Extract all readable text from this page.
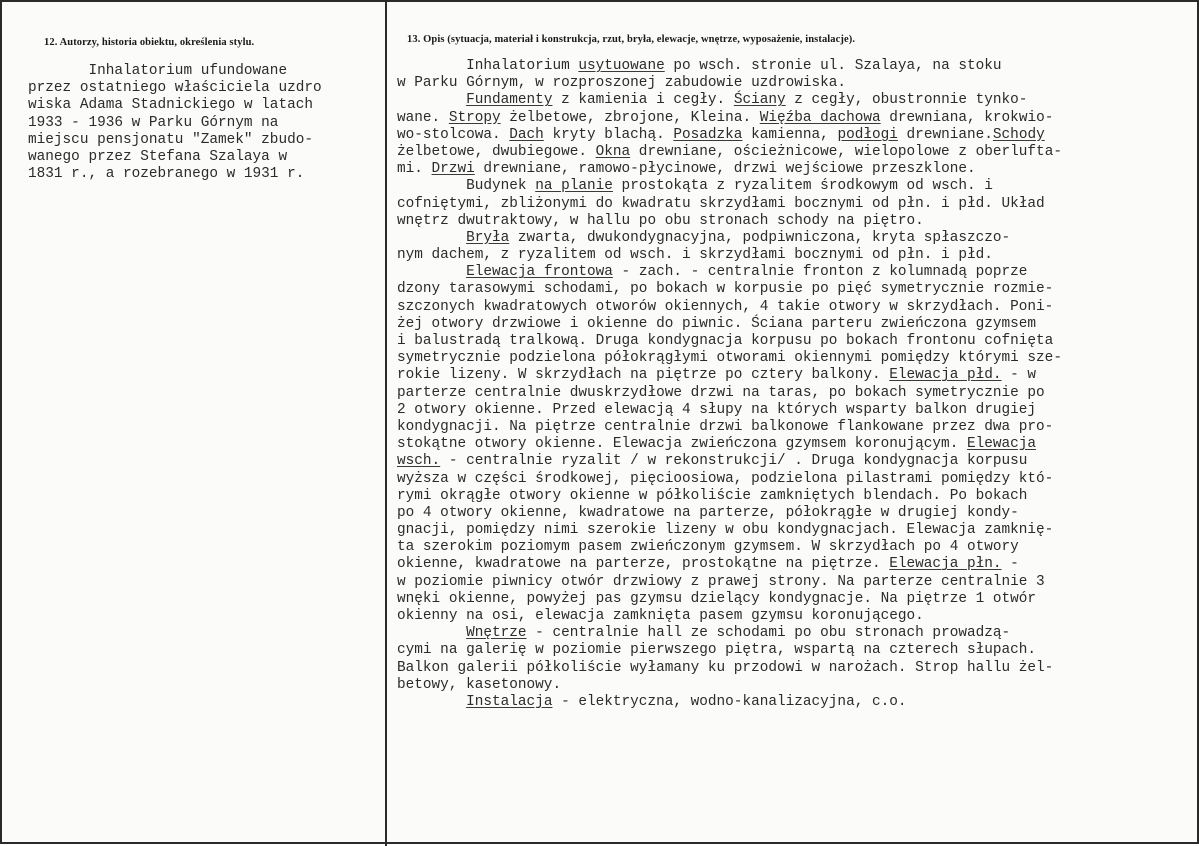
12. Autorzy, historia obiektu, określenia stylu.	13. Opis (sytuacja, materiał i konstrukcja, rzut, bryła, elewacje, wnętrze, wyposażenie, instalacje).
Inhalatorium ufundowane
przez ostatniego właściciela uzdro
wiska Adama Stadnickiego w latach
1933 - 1936 w Parku Górnym na
miejscu pensjonatu "Zamek" zbudo-
wanego przez Stefana Szalaya w
1831 r., a rozebranego w 1931 r.
Inhalatorium usytuowane po wsch. stronie ul. Szalaya, na stoku
w Parku Górnym, w rozproszonej zabudowie uzdrowiska.
Fundamenty z kamienia i cegły. Ściany z cegły, obustronnie tynko-
wane. Stropy żelbetowe, zbrojone, Kleina. Więźba dachowa drewniana, krokwio-
wo-stolcowa. Dach kryty blachą. Posadzka kamienna, podłogi drewniane.Schody
żelbetowe, dwubiegowe. Okna drewniane, ościeżnicowe, wielopolowe z oberlufta-
mi. Drzwi drewniane, ramowo-płycinowe, drzwi wejściowe przeszklone.
Budynek na planie prostokąta z ryzalitem środkowym od wsch. i
cofniętymi, zbliżonymi do kwadratu skrzydłami bocznymi od płn. i płd. Układ
wnętrz dwutraktowy, w hallu po obu stronach schody na piętro.
Bryła zwarta, dwukondygnacyjna, podpiwniczona, kryta spłaszczo-
nym dachem, z ryzalitem od wsch. i skrzydłami bocznymi od płn. i płd.
Elewacja frontowa - zach. - centralnie fronton z kolumnadą poprze
dzony tarasowymi schodami, po bokach w korpusie po pięć symetrycznie rozmie-
szczonych kwadratowych otworów okiennych, 4 takie otwory w skrzydłach. Poni-
żej otwory drzwiowe i okienne do piwnic. Ściana parteru zwieńczona gzymsem
i balustradą tralkową. Druga kondygnacja korpusu po bokach frontonu cofnięta
symetrycznie podzielona półokrągłymi otworami okiennymi pomiędzy którymi sze-
rokie lizeny. W skrzydłach na piętrze po cztery balkony. Elewacja płd. - w
parterze centralnie dwuskrzydłowe drzwi na taras, po bokach symetrycznie po
2 otwory okienne. Przed elewacją 4 słupy na których wsparty balkon drugiej
kondygnacji. Na piętrze centralnie drzwi balkonowe flankowane przez dwa pro-
stokątne otwory okienne. Elewacja zwieńczona gzymsem koronującym. Elewacja
wsch. - centralnie ryzalit / w rekonstrukcji/ . Druga kondygnacja korpusu
wyższa w części środkowej, pięcioosiowa, podzielona pilastrami pomiędzy któ-
rymi okrągłe otwory okienne w półkoliście zamkniętych blendach. Po bokach
po 4 otwory okienne, kwadratowe na parterze, półokrągłe w drugiej kondy-
gnacji, pomiędzy nimi szerokie lizeny w obu kondygnacjach. Elewacja zamknię-
ta szerokim poziomym pasem zwieńczonym gzymsem. W skrzydłach po 4 otwory
okienne, kwadratowe na parterze, prostokątne na piętrze. Elewacja płn. -
w poziomie piwnicy otwór drzwiowy z prawej strony. Na parterze centralnie 3
wnęki okienne, powyżej pas gzymsu dzielący kondygnacje. Na piętrze 1 otwór
okienny na osi, elewacja zamknięta pasem gzymsu koronującego.
Wnętrze - centralnie hall ze schodami po obu stronach prowadzą-
cymi na galerię w poziomie pierwszego piętra, wspartą na czterech słupach.
Balkon galerii półkoliście wyłamany ku przodowi w narożach. Strop hallu żel-
betowy, kasetonowy.
Instalacja - elektryczna, wodno-kanalizacyjna, c.o.
